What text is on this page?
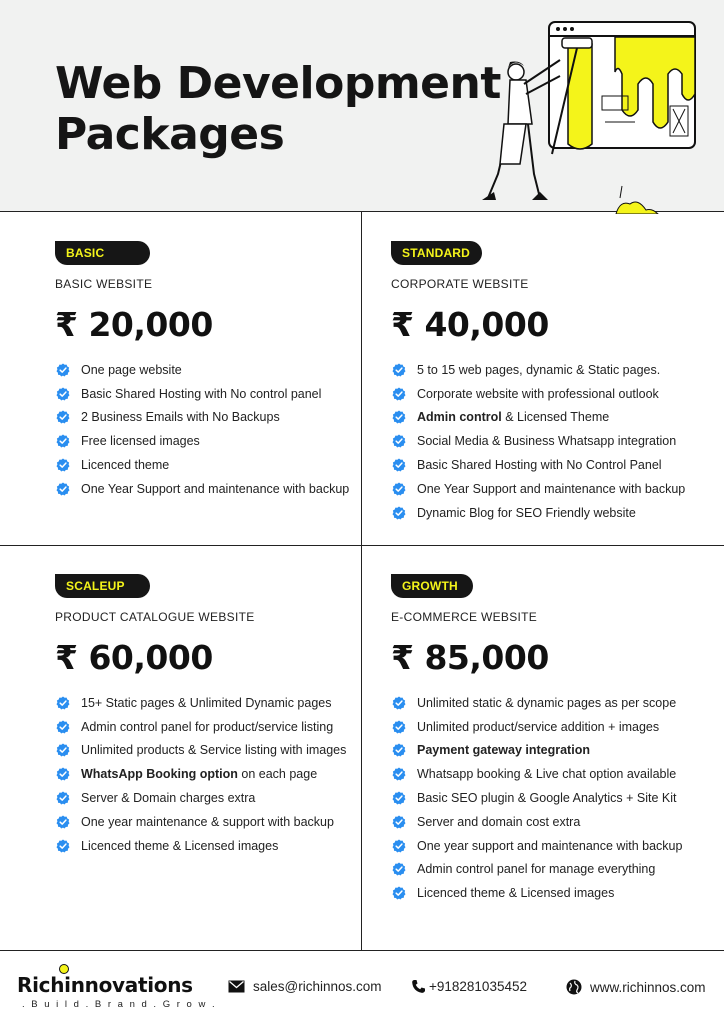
Web Development
Packages
BASIC
BASIC WEBSITE
₹ 20,000
One page website
Basic Shared Hosting with No control panel
2 Business Emails with No Backups
Free licensed images
Licenced theme
One Year Support and maintenance with backup
STANDARD
CORPORATE WEBSITE
₹ 40,000
5 to 15 web pages, dynamic & Static pages.
Corporate website with professional outlook
Admin control & Licensed Theme
Social Media & Business Whatsapp integration
Basic Shared Hosting with No Control Panel
One Year Support and maintenance with backup
Dynamic Blog for SEO Friendly website
SCALEUP
PRODUCT CATALOGUE WEBSITE
₹ 60,000
15+ Static pages & Unlimited Dynamic pages
Admin control panel for product/service listing
Unlimited products & Service listing with images
WhatsApp Booking option on each page
Server & Domain charges extra
One year maintenance & support with backup
Licenced theme & Licensed images
GROWTH
E-COMMERCE WEBSITE
₹ 85,000
Unlimited static & dynamic pages as per scope
Unlimited product/service addition + images
Payment gateway integration
Whatsapp booking & Live chat option available
Basic SEO plugin & Google Analytics + Site Kit
Server and domain cost extra
One year support and maintenance with backup
Admin control panel for manage everything
Licenced theme & Licensed images
Richinnovations
. B u i l d . B r a n d . G r o w .
sales@richinnos.com	+918281035452	www.richinnos.com
